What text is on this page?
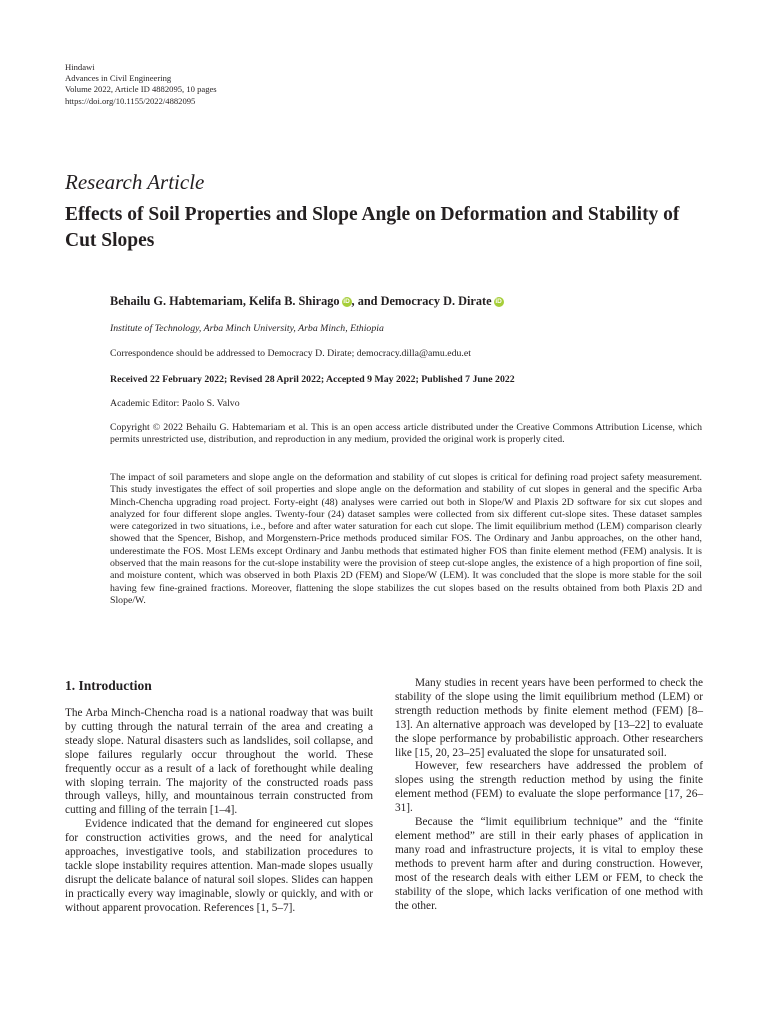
Hindawi
Advances in Civil Engineering
Volume 2022, Article ID 4882095, 10 pages
https://doi.org/10.1155/2022/4882095
Research Article
Effects of Soil Properties and Slope Angle on Deformation and Stability of Cut Slopes
Behailu G. Habtemariam, Kelifa B. Shirago iD , and Democracy D. Dirate iD
Institute of Technology, Arba Minch University, Arba Minch, Ethiopia
Correspondence should be addressed to Democracy D. Dirate; democracy.dilla@amu.edu.et
Received 22 February 2022; Revised 28 April 2022; Accepted 9 May 2022; Published 7 June 2022
Academic Editor: Paolo S. Valvo
Copyright © 2022 Behailu G. Habtemariam et al. This is an open access article distributed under the Creative Commons Attribution License, which permits unrestricted use, distribution, and reproduction in any medium, provided the original work is properly cited.
The impact of soil parameters and slope angle on the deformation and stability of cut slopes is critical for defining road project safety measurement. This study investigates the effect of soil properties and slope angle on the deformation and stability of cut slopes in general and the specific Arba Minch-Chencha upgrading road project. Forty-eight (48) analyses were carried out both in Slope/W and Plaxis 2D software for six cut slopes and analyzed for four different slope angles. Twenty-four (24) dataset samples were collected from six different cut-slope sites. These dataset samples were categorized in two situations, i.e., before and after water saturation for each cut slope. The limit equilibrium method (LEM) comparison clearly showed that the Spencer, Bishop, and Morgenstern-Price methods produced similar FOS. The Ordinary and Janbu approaches, on the other hand, underestimate the FOS. Most LEMs except Ordinary and Janbu methods that estimated higher FOS than finite element method (FEM) analysis. It is observed that the main reasons for the cut-slope instability were the provision of steep cut-slope angles, the existence of a high proportion of fine soil, and moisture content, which was observed in both Plaxis 2D (FEM) and Slope/W (LEM). It was concluded that the slope is more stable for the soil having few fine-grained fractions. Moreover, flattening the slope stabilizes the cut slopes based on the results obtained from both Plaxis 2D and Slope/W.
1. Introduction

The Arba Minch-Chencha road is a national roadway that was built by cutting through the natural terrain of the area and creating a steady slope. Natural disasters such as landslides, soil collapse, and slope failures regularly occur throughout the world. These frequently occur as a result of a lack of forethought while dealing with sloping terrain. The majority of the constructed roads pass through valleys, hilly, and mountainous terrain constructed from cutting and filling of the terrain [1–4].

Evidence indicated that the demand for engineered cut slopes for construction activities grows, and the need for analytical approaches, investigative tools, and stabilization procedures to tackle slope instability requires attention. Man-made slopes usually disrupt the delicate balance of natural soil slopes. Slides can happen in practically every way imaginable, slowly or quickly, and with or without apparent provocation. References [1, 5–7].

Many studies in recent years have been performed to check the stability of the slope using the limit equilibrium method (LEM) or strength reduction methods by finite element method (FEM) [8–13]. An alternative approach was developed by [13–22] to evaluate the slope performance by probabilistic approach. Other researchers like [15, 20, 23–25] evaluated the slope for unsaturated soil.

However, few researchers have addressed the problem of slopes using the strength reduction method by using the finite element method (FEM) to evaluate the slope performance [17, 26–31].

Because the “limit equilibrium technique” and the “finite element method” are still in their early phases of application in many road and infrastructure projects, it is vital to employ these methods to prevent harm after and during construction. However, most of the research deals with either LEM or FEM, to check the stability of the slope, which lacks verification of one method with the other.
